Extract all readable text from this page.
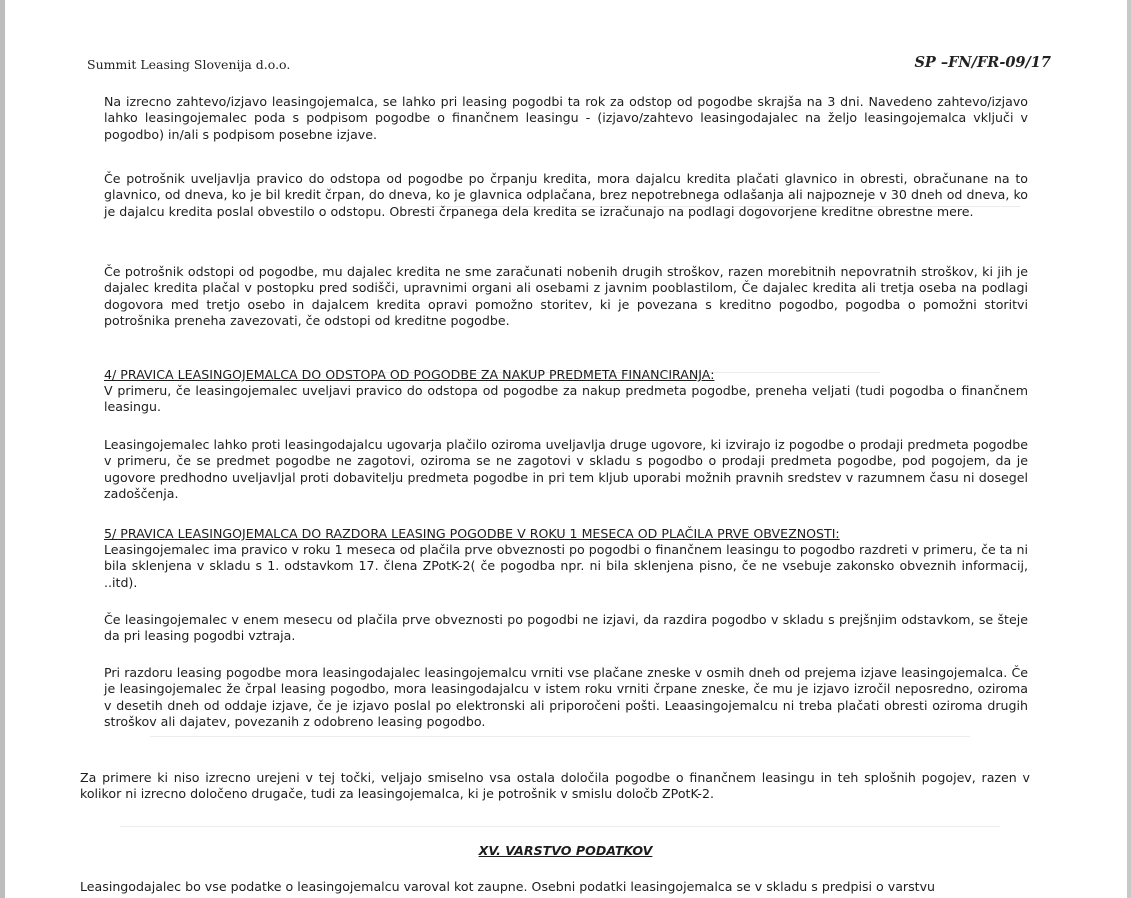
Summit Leasing Slovenija d.o.o.	SP –FN/FR-09/17

Na izrecno zahtevo/izjavo leasingojemalca, se lahko pri leasing pogodbi ta rok za odstop od pogodbe skrajša na 3 dni. Navedeno zahtevo/izjavo lahko leasingojemalec poda s podpisom pogodbe o finančnem leasingu - (izjavo/zahtevo leasingodajalec na željo leasingojemalca vključi v pogodbo) in/ali s podpisom posebne izjave.

Če potrošnik uveljavlja pravico do odstopa od pogodbe po črpanju kredita, mora dajalcu kredita plačati glavnico in obresti, obračunane na to glavnico, od dneva, ko je bil kredit črpan, do dneva, ko je glavnica odplačana, brez nepotrebnega odlašanja ali najpozneje v 30 dneh od dneva, ko je dajalcu kredita poslal obvestilo o odstopu. Obresti črpanega dela kredita se izračunajo na podlagi dogovorjene kreditne obrestne mere.

Če potrošnik odstopi od pogodbe, mu dajalec kredita ne sme zaračunati nobenih drugih stroškov, razen morebitnih nepovratnih stroškov, ki jih je dajalec kredita plačal v postopku pred sodišči, upravnimi organi ali osebami z javnim pooblastilom, Če dajalec kredita ali tretja oseba na podlagi dogovora med tretjo osebo in dajalcem kredita opravi pomožno storitev, ki je povezana s kreditno pogodbo, pogodba o pomožni storitvi potrošnika preneha zavezovati, če odstopi od kreditne pogodbe.

4/ PRAVICA LEASINGOJEMALCA DO ODSTOPA OD POGODBE ZA NAKUP PREDMETA FINANCIRANJA:

V primeru, če leasingojemalec uveljavi pravico do odstopa od pogodbe za nakup predmeta pogodbe, preneha veljati (tudi pogodba o finančnem leasingu.

Leasingojemalec lahko proti leasingodajalcu ugovarja plačilo oziroma uveljavlja druge ugovore, ki izvirajo iz pogodbe o prodaji predmeta pogodbe v primeru, če se predmet pogodbe ne zagotovi, oziroma se ne zagotovi v skladu s pogodbo o prodaji predmeta pogodbe, pod pogojem, da je ugovore predhodno uveljavljal proti dobavitelju predmeta pogodbe in pri tem kljub uporabi možnih pravnih sredstev v razumnem času ni dosegel zadoščenja.

5/ PRAVICA LEASINGOJEMALCA DO RAZDORA LEASING POGODBE V ROKU 1 MESECA OD PLAČILA PRVE OBVEZNOSTI:

Leasingojemalec ima pravico v roku 1 meseca od plačila prve obveznosti po pogodbi o finančnem leasingu to pogodbo razdreti v primeru, če ta ni bila sklenjena v skladu s 1. odstavkom 17. člena ZPotK-2( če pogodba npr. ni bila sklenjena pisno, če ne vsebuje zakonsko obveznih informacij, ..itd).

Če leasingojemalec v enem mesecu od plačila prve obveznosti po pogodbi ne izjavi, da razdira pogodbo v skladu s prejšnjim odstavkom, se šteje da pri leasing pogodbi vztraja.

Pri razdoru leasing pogodbe mora leasingodajalec leasingojemalcu vrniti vse plačane zneske v osmih dneh od prejema izjave leasingojemalca. Če je leasingojemalec že črpal leasing pogodbo, mora leasingodajalcu v istem roku vrniti črpane zneske, če mu je izjavo izročil neposredno, oziroma v desetih dneh od oddaje izjave, če je izjavo poslal po elektronski ali priporočeni pošti. Leaasingojemalcu ni treba plačati obresti oziroma drugih stroškov ali dajatev, povezanih z odobreno leasing pogodbo.

Za primere ki niso izrecno urejeni v tej točki, veljajo smiselno vsa ostala določila pogodbe o finančnem leasingu in teh splošnih pogojev, razen v kolikor ni izrecno določeno drugače, tudi za leasingojemalca, ki je potrošnik v smislu določb ZPotK-2.

XV. VARSTVO PODATKOV

Leasingodajalec bo vse podatke o leasingojemalcu varoval kot zaupne. Osebni podatki leasingojemalca se v skladu s predpisi o varstvu
